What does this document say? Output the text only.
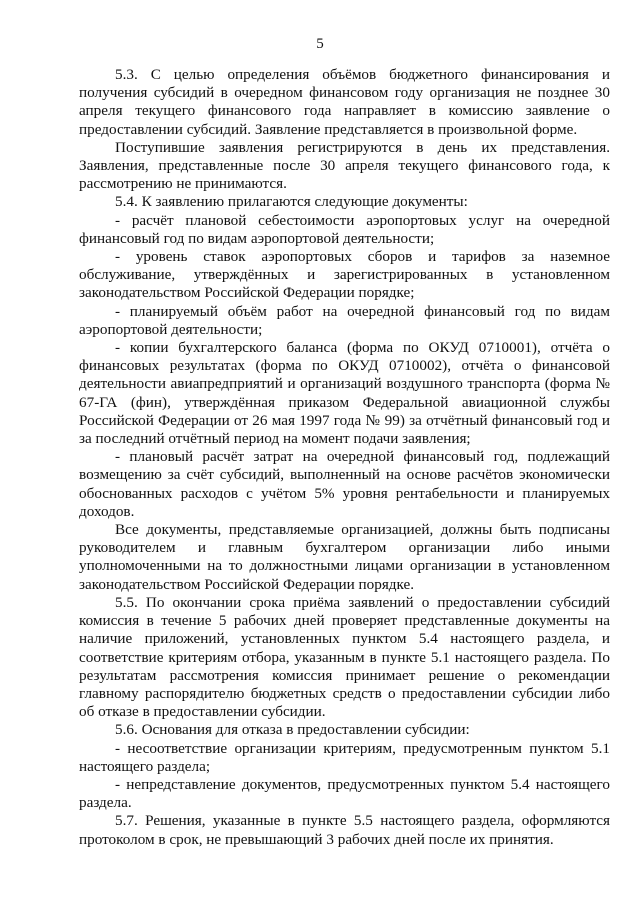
5

5.3. С целью определения объёмов бюджетного финансирования и получения субсидий в очередном финансовом году организация не позднее 30 апреля текущего финансового года направляет в комиссию заявление о предоставлении субсидий. Заявление представляется в произвольной форме.

Поступившие заявления регистрируются в день их представления. Заявления, представленные после 30 апреля текущего финансового года, к рассмотрению не принимаются.

5.4. К заявлению прилагаются следующие документы:

- расчёт плановой себестоимости аэропортовых услуг на очередной финансовый год по видам аэропортовой деятельности;

- уровень ставок аэропортовых сборов и тарифов за наземное обслуживание, утверждённых и зарегистрированных в установленном законодательством Российской Федерации порядке;

- планируемый объём работ на очередной финансовый год по видам аэропортовой деятельности;

- копии бухгалтерского баланса (форма по ОКУД 0710001), отчёта о финансовых результатах (форма по ОКУД 0710002), отчёта о финансовой деятельности авиапредприятий и организаций воздушного транспорта (форма № 67-ГА (фин), утверждённая приказом Федеральной авиационной службы Российской Федерации от 26 мая 1997 года № 99) за отчётный финансовый год и за последний отчётный период на момент подачи заявления;

- плановый расчёт затрат на очередной финансовый год, подлежащий возмещению за счёт субсидий, выполненный на основе расчётов экономически обоснованных расходов с учётом 5% уровня рентабельности и планируемых доходов.

Все документы, представляемые организацией, должны быть подписаны руководителем и главным бухгалтером организации либо иными уполномоченными на то должностными лицами организации в установленном законодательством Российской Федерации порядке.

5.5. По окончании срока приёма заявлений о предоставлении субсидий комиссия в течение 5 рабочих дней проверяет представленные документы на наличие приложений, установленных пунктом 5.4 настоящего раздела, и соответствие критериям отбора, указанным в пункте 5.1 настоящего раздела. По результатам рассмотрения комиссия принимает решение о рекомендации главному распорядителю бюджетных средств о предоставлении субсидии либо об отказе в предоставлении субсидии.

5.6. Основания для отказа в предоставлении субсидии:

- несоответствие организации критериям, предусмотренным пунктом 5.1 настоящего раздела;

- непредставление документов, предусмотренных пунктом 5.4 настоящего раздела.

5.7. Решения, указанные в пункте 5.5 настоящего раздела, оформляются протоколом в срок, не превышающий 3 рабочих дней после их принятия.
